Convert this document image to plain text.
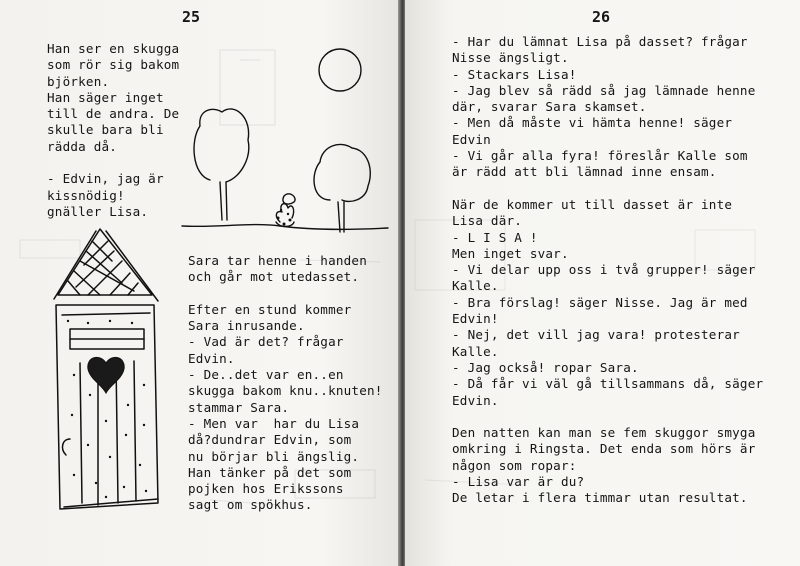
25
Han ser en skugga
som rör sig bakom
björken.
Han säger inget
till de andra. De
skulle bara bli
rädda då.
- Edvin, jag är
kissnödig!
gnäller Lisa.
Sara tar henne i handen
och går mot utedasset.
Efter en stund kommer
Sara inrusande.
- Vad är det? frågar
Edvin.
- De..det var en..en
skugga bakom knu..knuten!
stammar Sara.
- Men var  har du Lisa
då?dundrar Edvin, som
nu börjar bli ängslig.
Han tänker på det som
pojken hos Erikssons
sagt om spökhus.
26
- Har du lämnat Lisa på dasset? frågar
Nisse ängsligt.
- Stackars Lisa!
- Jag blev så rädd så jag lämnade henne
där, svarar Sara skamset.
- Men då måste vi hämta henne! säger
Edvin
- Vi går alla fyra! föreslår Kalle som
är rädd att bli lämnad inne ensam.
När de kommer ut till dasset är inte
Lisa där.
- L I S A !
Men inget svar.
- Vi delar upp oss i två grupper! säger
Kalle.
- Bra förslag! säger Nisse. Jag är med
Edvin!
- Nej, det vill jag vara! protesterar
Kalle.
- Jag också! ropar Sara.
- Då får vi väl gå tillsammans då, säger
Edvin.
Den natten kan man se fem skuggor smyga
omkring i Ringsta. Det enda som hörs är
någon som ropar:
- Lisa var är du?
De letar i flera timmar utan resultat.
